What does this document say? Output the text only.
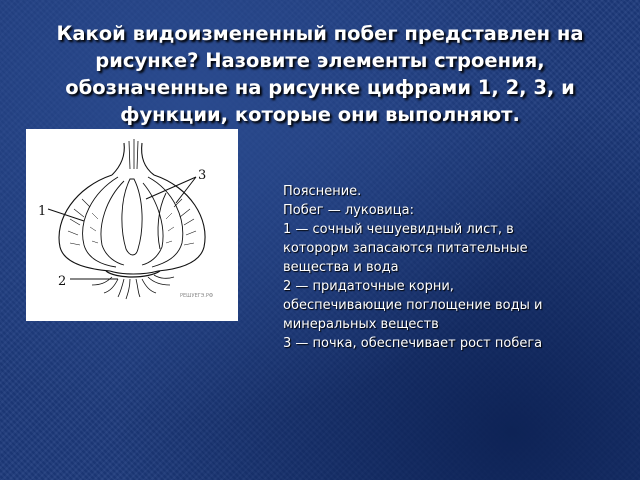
Какой видоизмененный побег представлен на
рисунке? Назовите элементы строения,
обозначенные на рисунке цифрами 1, 2, 3, и
функции, которые они выполняют.
1
2
3
РЕШУЕГЭ.РФ
Пояснение.
Побег — луковица:
1 — сочный чешуевидный лист, в
которорм запасаются питательные
вещества и вода
2 — придаточные корни,
обеспечивающие поглощение воды и
минеральных веществ
3 — почка, обеспечивает рост побега
